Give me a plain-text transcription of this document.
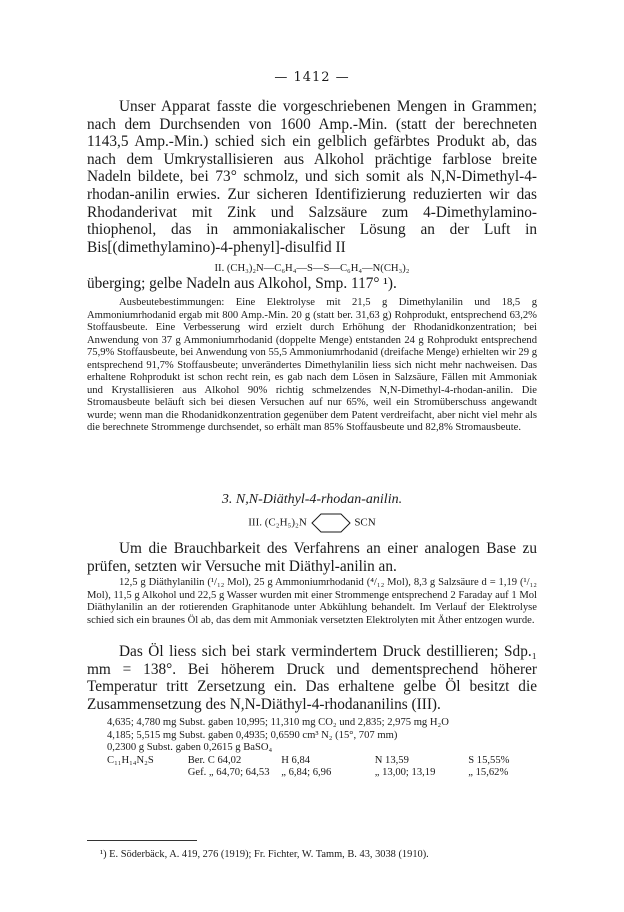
— 1412 —

Unser Apparat fasste die vorgeschriebenen Mengen in Grammen; nach dem Durchsenden von 1600 Amp.-Min. (statt der berechneten 1143,5 Amp.-Min.) schied sich ein gelblich gefärbtes Produkt ab, das nach dem Umkrystallisieren aus Alkohol prächtige farblose breite Nadeln bildete, bei 73° schmolz, und sich somit als N,N-Dimethyl-4-rhodan-anilin erwies. Zur sicheren Identifizierung reduzierten wir das Rhodanderivat mit Zink und Salzsäure zum 4-Dimethylamino-thiophenol, das in ammoniakalischer Lösung an der Luft in Bis[(dimethylamino)-4-phenyl]-disulfid II

II. (CH₃)₂N—C₆H₄—S—S—C₆H₄—N(CH₃)₂

überging; gelbe Nadeln aus Alkohol, Smp. 117° ¹).

Ausbeutebestimmungen: Eine Elektrolyse mit 21,5 g Dimethylanilin und 18,5 g Ammoniumrhodanid ergab mit 800 Amp.-Min. 20 g (statt ber. 31,63 g) Rohprodukt, entsprechend 63,2% Stoffausbeute. Eine Verbesserung wird erzielt durch Erhöhung der Rhodanidkonzentration; bei Anwendung von 37 g Ammoniumrhodanid (doppelte Menge) entstanden 24 g Rohprodukt entsprechend 75,9% Stoffausbeute, bei Anwendung von 55,5 Ammoniumrhodanid (dreifache Menge) erhielten wir 29 g entsprechend 91,7% Stoffausbeute; unverändertes Dimethylanilin liess sich nicht mehr nachweisen. Das erhaltene Rohprodukt ist schon recht rein, es gab nach dem Lösen in Salzsäure, Fällen mit Ammoniak und Krystallisieren aus Alkohol 90% richtig schmelzendes N,N-Dimethyl-4-rhodan-anilin. Die Stromausbeute beläuft sich bei diesen Versuchen auf nur 65%, weil ein Stromüberschuss angewandt wurde; wenn man die Rhodanidkonzentration gegenüber dem Patent verdreifacht, aber nicht viel mehr als die berechnete Strommenge durchsendet, so erhält man 85% Stoffausbeute und 82,8% Stromausbeute.

3. N,N-Diäthyl-4-rhodan-anilin.
III. (C₂H₅)₂N	SCN

Um die Brauchbarkeit des Verfahrens an einer analogen Base zu prüfen, setzten wir Versuche mit Diäthyl-anilin an.

12,5 g Diäthylanilin (¹/₁₂ Mol), 25 g Ammoniumrhodanid (⁴/₁₂ Mol), 8,3 g Salzsäure d = 1,19 (¹/₁₂ Mol), 11,5 g Alkohol und 22,5 g Wasser wurden mit einer Strommenge entsprechend 2 Faraday auf 1 Mol Diäthylanilin an der rotierenden Graphitanode unter Abkühlung behandelt. Im Verlauf der Elektrolyse schied sich ein braunes Öl ab, das dem mit Ammoniak versetzten Elektrolyten mit Äther entzogen wurde.

Das Öl liess sich bei stark vermindertem Druck destillieren; Sdp.₁ mm = 138°. Bei höherem Druck und dementsprechend höherer Temperatur tritt Zersetzung ein. Das erhaltene gelbe Öl besitzt die Zusammensetzung des N,N-Diäthyl-4-rhodananilins (III).

4,635; 4,780 mg Subst. gaben 10,995; 11,310 mg CO₂ und 2,835; 2,975 mg H₂O
4,185; 5,515 mg Subst. gaben 0,4935; 0,6590 cm³ N₂ (15°, 707 mm)
0,2300 g Subst. gaben 0,2615 g BaSO₄
C₁₁H₁₄N₂S	Ber. C 64,02	H 6,84	N 13,59	S 15,55%
Gef. „ 64,70; 64,53	„ 6,84; 6,96	„ 13,00; 13,19	„ 15,62%
¹) E. Söderbäck, A. 419, 276 (1919); Fr. Fichter, W. Tamm, B. 43, 3038 (1910).
